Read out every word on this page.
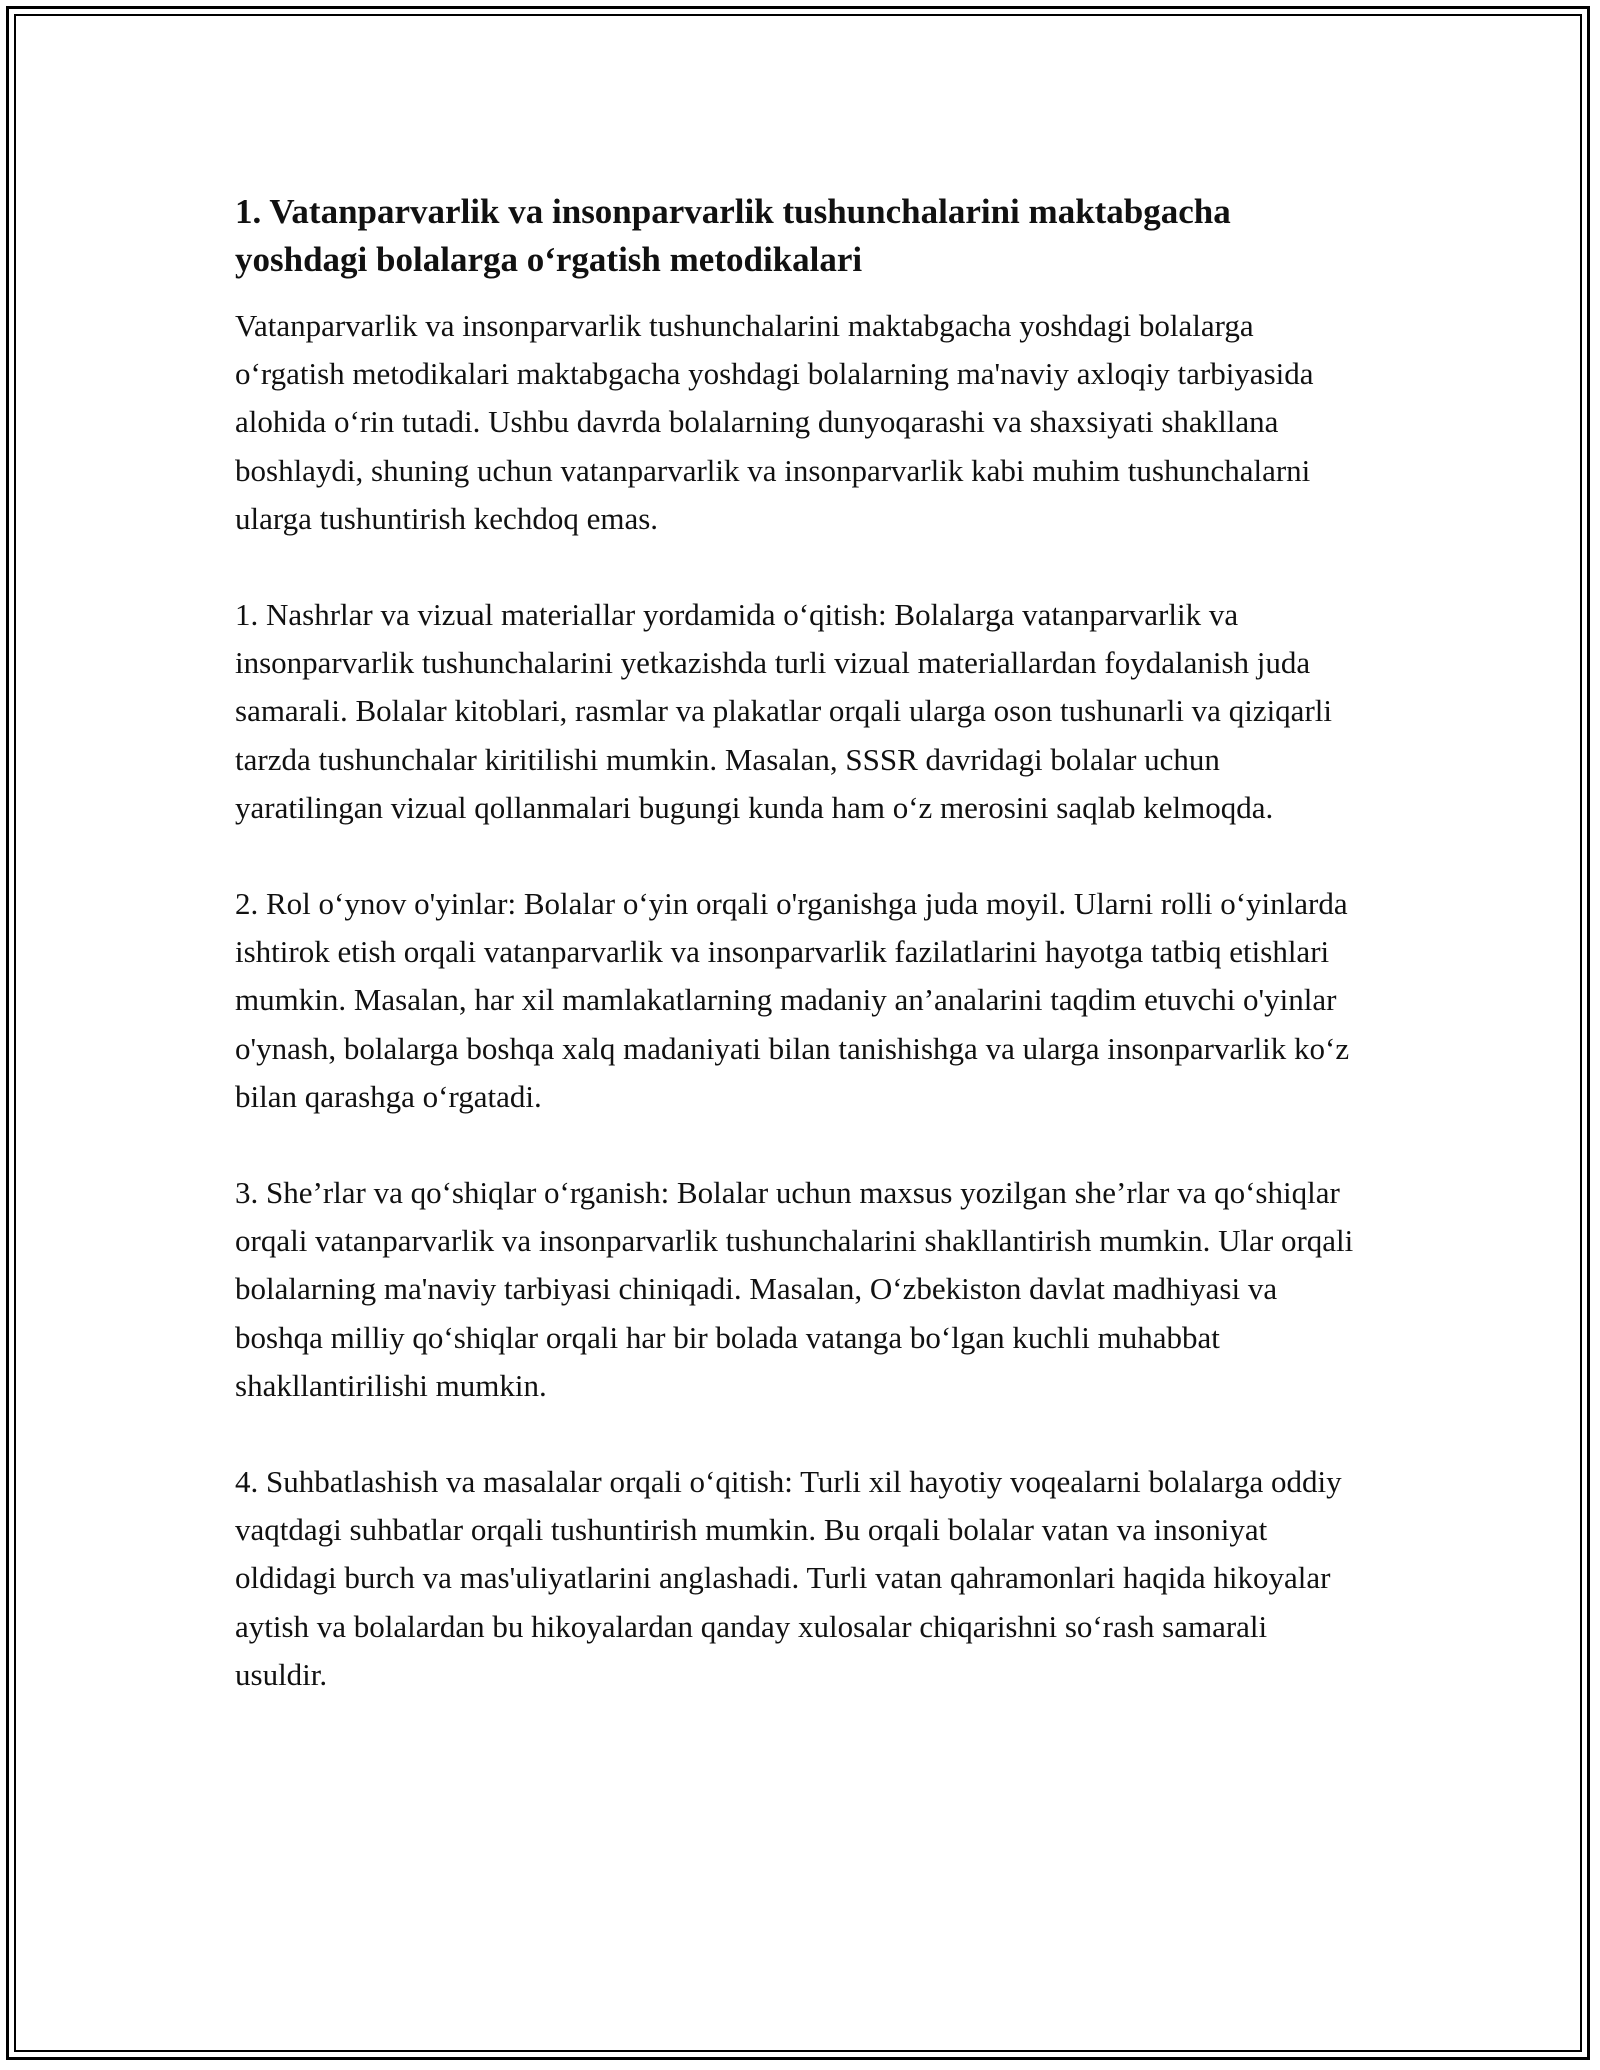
1. Vatanparvarlik va insonparvarlik tushunchalarini maktabgacha yoshdagi bolalarga o‘rgatish metodikalari

Vatanparvarlik va insonparvarlik tushunchalarini maktabgacha yoshdagi bolalarga o‘rgatish metodikalari maktabgacha yoshdagi bolalarning ma'naviy axloqiy tarbiyasida alohida o‘rin tutadi. Ushbu davrda bolalarning dunyoqarashi va shaxsiyati shakllana boshlaydi, shuning uchun vatanparvarlik va insonparvarlik kabi muhim tushunchalarni ularga tushuntirish kechdoq emas.

1. Nashrlar va vizual materiallar yordamida o‘qitish: Bolalarga vatanparvarlik va insonparvarlik tushunchalarini yetkazishda turli vizual materiallardan foydalanish juda samarali. Bolalar kitoblari, rasmlar va plakatlar orqali ularga oson tushunarli va qiziqarli tarzda tushunchalar kiritilishi mumkin. Masalan, SSSR davridagi bolalar uchun yaratilingan vizual qollanmalari bugungi kunda ham o‘z merosini saqlab kelmoqda.

2. Rol o‘ynov o'yinlar: Bolalar o‘yin orqali o'rganishga juda moyil. Ularni rolli o‘yinlarda ishtirok etish orqali vatanparvarlik va insonparvarlik fazilatlarini hayotga tatbiq etishlari mumkin. Masalan, har xil mamlakatlarning madaniy an’analarini taqdim etuvchi o'yinlar o'ynash, bolalarga boshqa xalq madaniyati bilan tanishishga va ularga insonparvarlik ko‘z bilan qarashga o‘rgatadi.

3. She’rlar va qo‘shiqlar o‘rganish: Bolalar uchun maxsus yozilgan she’rlar va qo‘shiqlar orqali vatanparvarlik va insonparvarlik tushunchalarini shakllantirish mumkin. Ular orqali bolalarning ma'naviy tarbiyasi chiniqadi. Masalan, O‘zbekiston davlat madhiyasi va boshqa milliy qo‘shiqlar orqali har bir bolada vatanga bo‘lgan kuchli muhabbat shakllantirilishi mumkin.

4. Suhbatlashish va masalalar orqali o‘qitish: Turli xil hayotiy voqealarni bolalarga oddiy vaqtdagi suhbatlar orqali tushuntirish mumkin. Bu orqali bolalar vatan va insoniyat oldidagi burch va mas'uliyatlarini anglashadi. Turli vatan qahramonlari haqida hikoyalar aytish va bolalardan bu hikoyalardan qanday xulosalar chiqarishni so‘rash samarali usuldir.
